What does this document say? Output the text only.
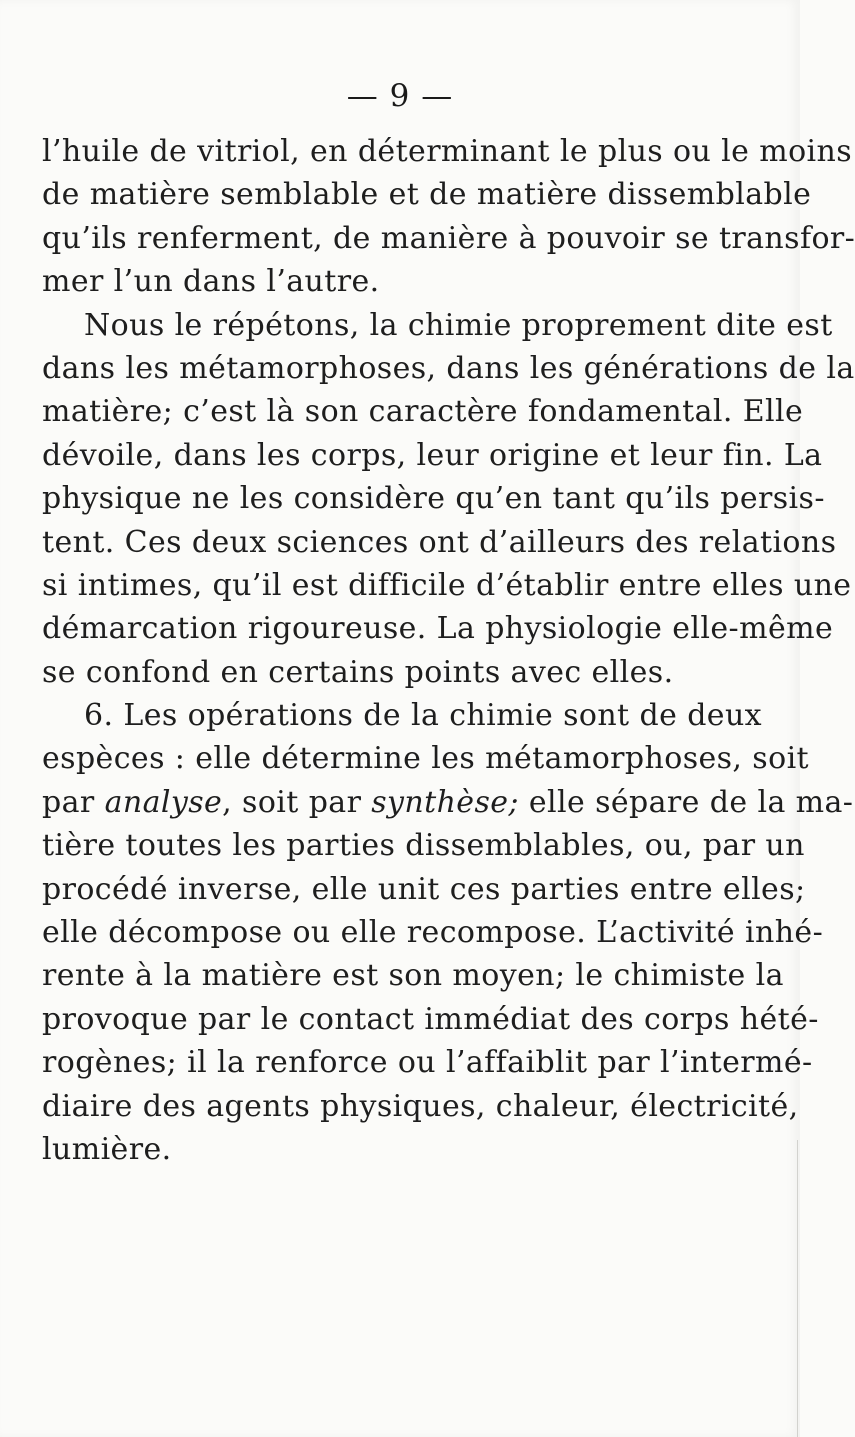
— 9 —
l’huile de vitriol, en déterminant le plus ou le moins
de matière semblable et de matière dissemblable
qu’ils renferment, de manière à pouvoir se transfor-
mer l’un dans l’autre.
Nous le répétons, la chimie proprement dite est
dans les métamorphoses, dans les générations de la
matière; c’est là son caractère fondamental. Elle
dévoile, dans les corps, leur origine et leur fin. La
physique ne les considère qu’en tant qu’ils persis-
tent. Ces deux sciences ont d’ailleurs des relations
si intimes, qu’il est difficile d’établir entre elles une
démarcation rigoureuse. La physiologie elle-même
se confond en certains points avec elles.
6. Les opérations de la chimie sont de deux
espèces : elle détermine les métamorphoses, soit
par analyse, soit par synthèse; elle sépare de la ma-
tière toutes les parties dissemblables, ou, par un
procédé inverse, elle unit ces parties entre elles;
elle décompose ou elle recompose. L’activité inhé-
rente à la matière est son moyen; le chimiste la
provoque par le contact immédiat des corps hété-
rogènes; il la renforce ou l’affaiblit par l’intermé-
diaire des agents physiques, chaleur, électricité,
lumière.
